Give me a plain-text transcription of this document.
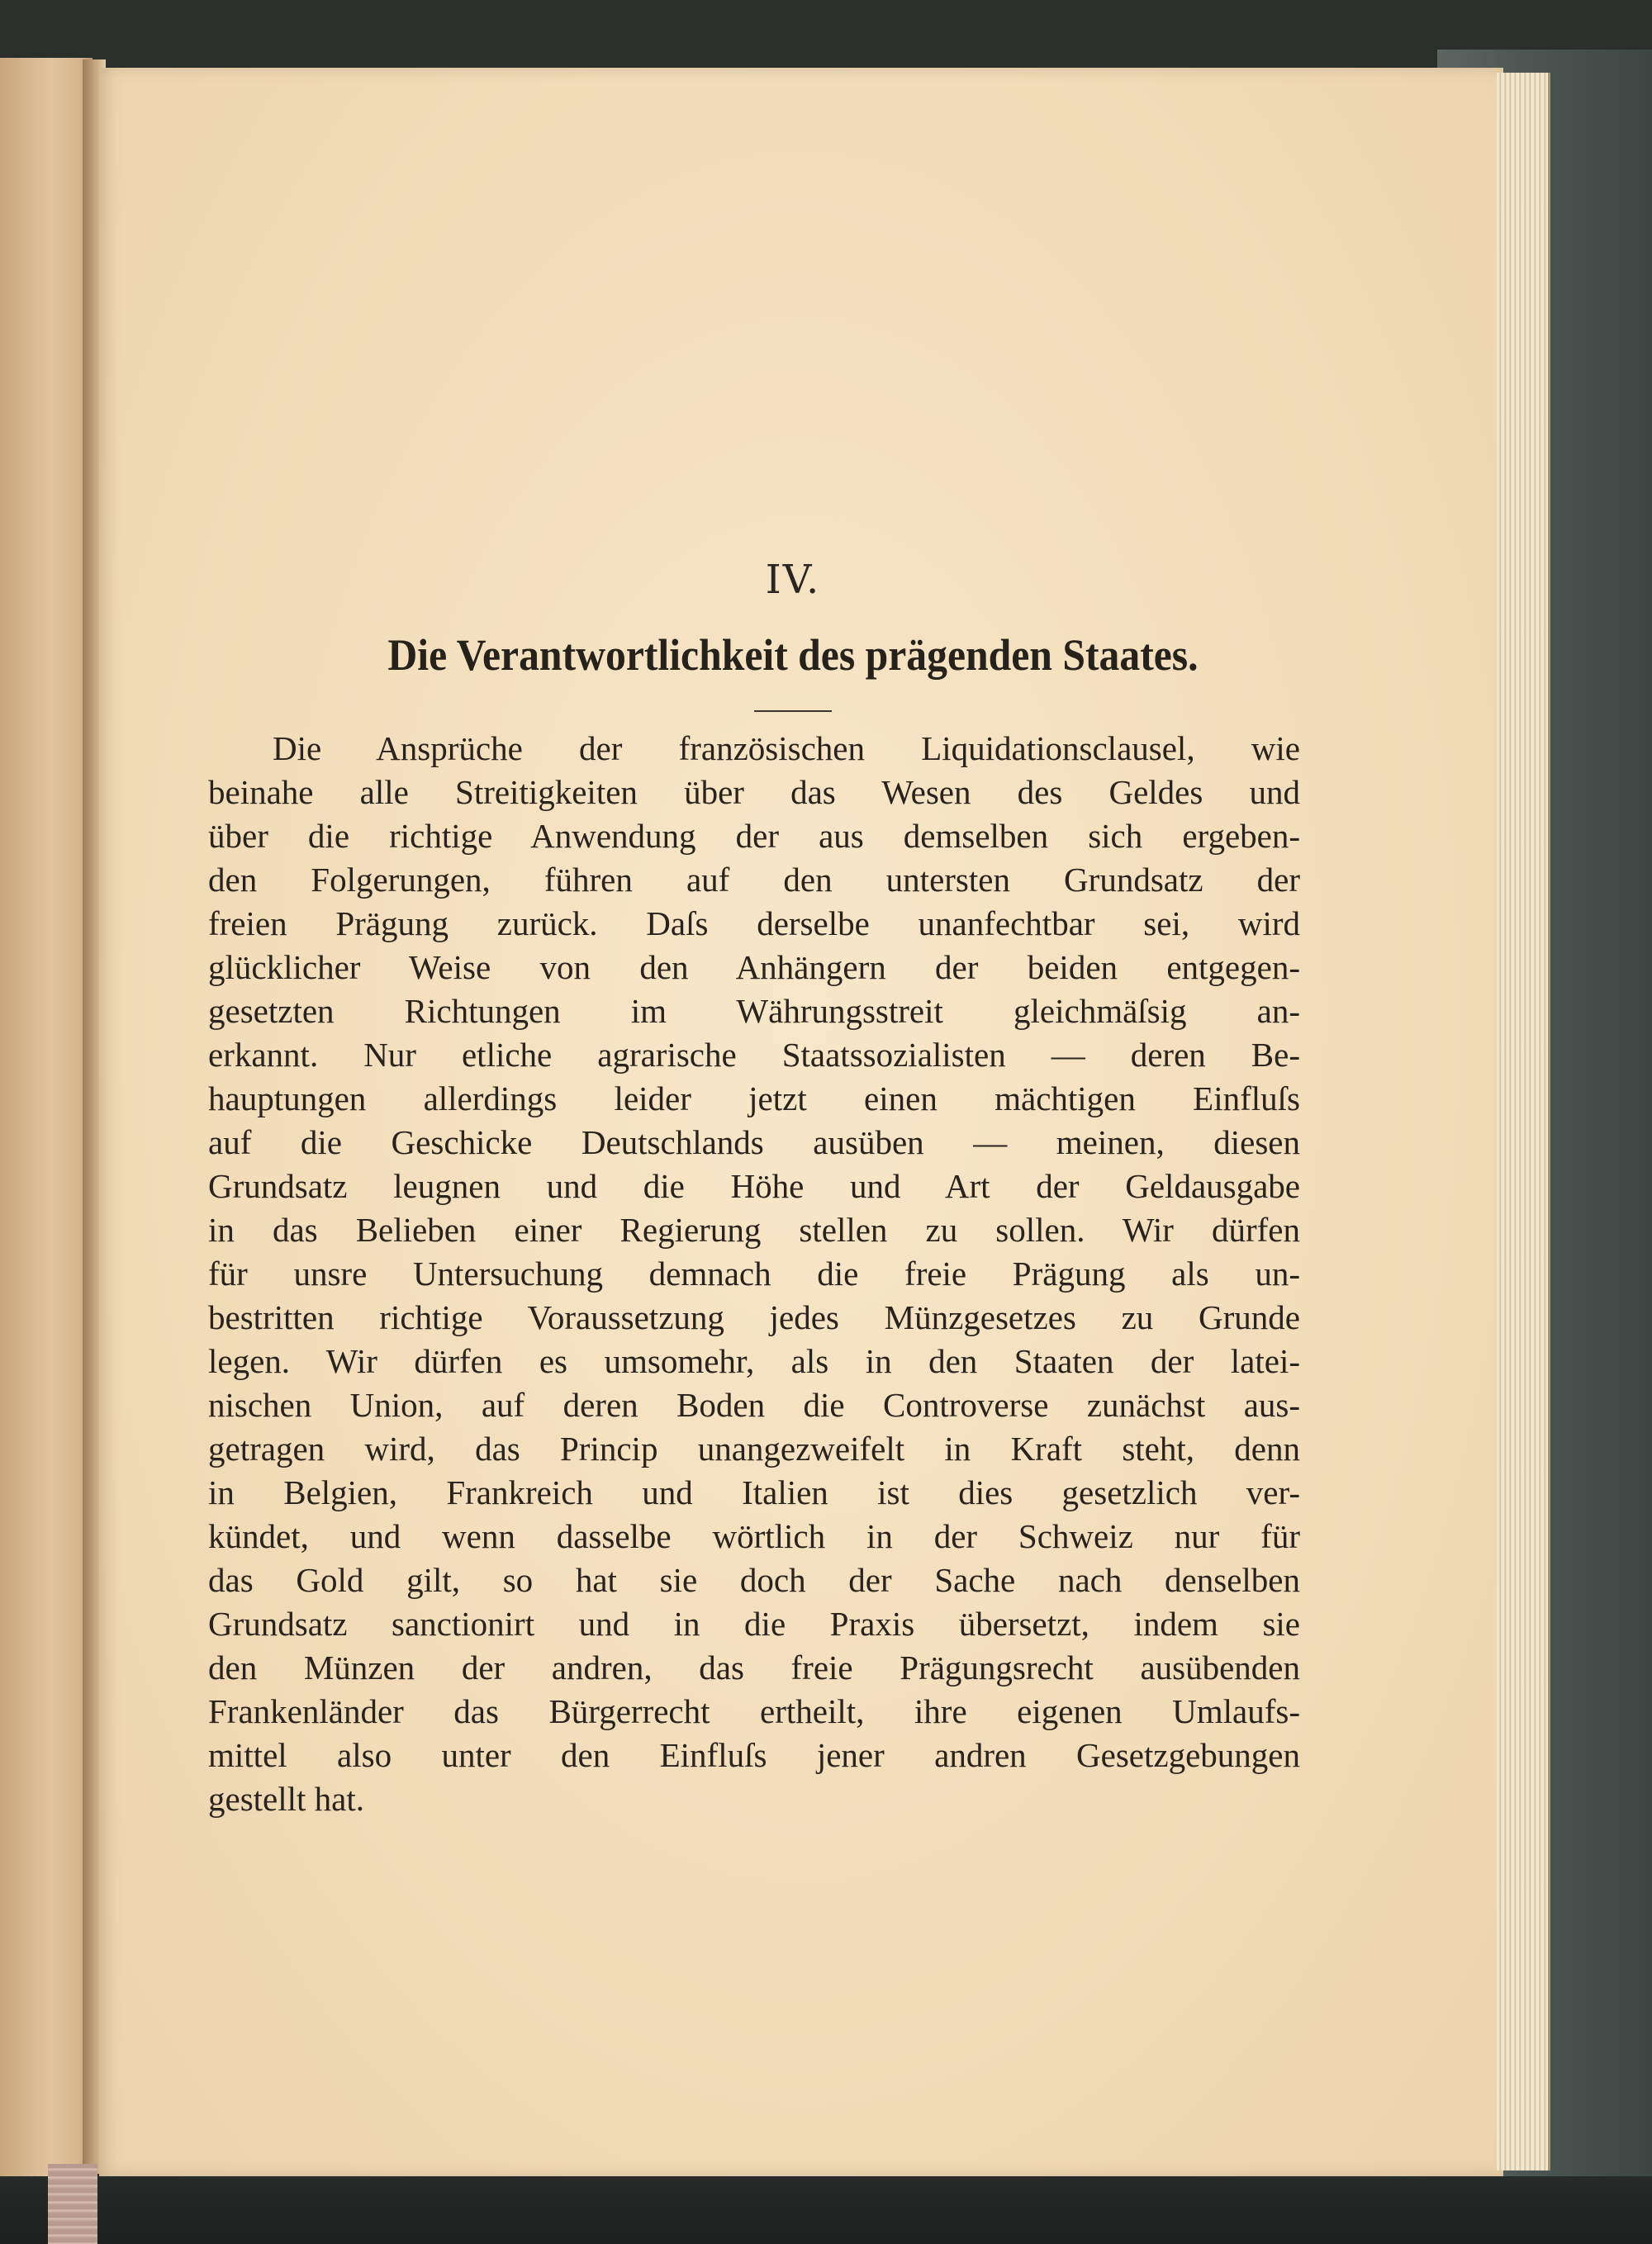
IV.
Die Verantwortlichkeit des prägenden Staates.
Die Ansprüche der französischen Liquidationsclausel, wie
beinahe alle Streitigkeiten über das Wesen des Geldes und
über die richtige Anwendung der aus demselben sich ergeben-
den Folgerungen, führen auf den untersten Grundsatz der
freien Prägung zurück. Daſs derselbe unanfechtbar sei, wird
glücklicher Weise von den Anhängern der beiden entgegen-
gesetzten Richtungen im Währungsstreit gleichmäſsig an-
erkannt. Nur etliche agrarische Staatssozialisten — deren Be-
hauptungen allerdings leider jetzt einen mächtigen Einfluſs
auf die Geschicke Deutschlands ausüben — meinen, diesen
Grundsatz leugnen und die Höhe und Art der Geldausgabe
in das Belieben einer Regierung stellen zu sollen. Wir dürfen
für unsre Untersuchung demnach die freie Prägung als un-
bestritten richtige Voraussetzung jedes Münzgesetzes zu Grunde
legen. Wir dürfen es umsomehr, als in den Staaten der latei-
nischen Union, auf deren Boden die Controverse zunächst aus-
getragen wird, das Princip unangezweifelt in Kraft steht, denn
in Belgien, Frankreich und Italien ist dies gesetzlich ver-
kündet, und wenn dasselbe wörtlich in der Schweiz nur für
das Gold gilt, so hat sie doch der Sache nach denselben
Grundsatz sanctionirt und in die Praxis übersetzt, indem sie
den Münzen der andren, das freie Prägungsrecht ausübenden
Frankenländer das Bürgerrecht ertheilt, ihre eigenen Umlaufs-
mittel also unter den Einfluſs jener andren Gesetzgebungen
gestellt hat.
